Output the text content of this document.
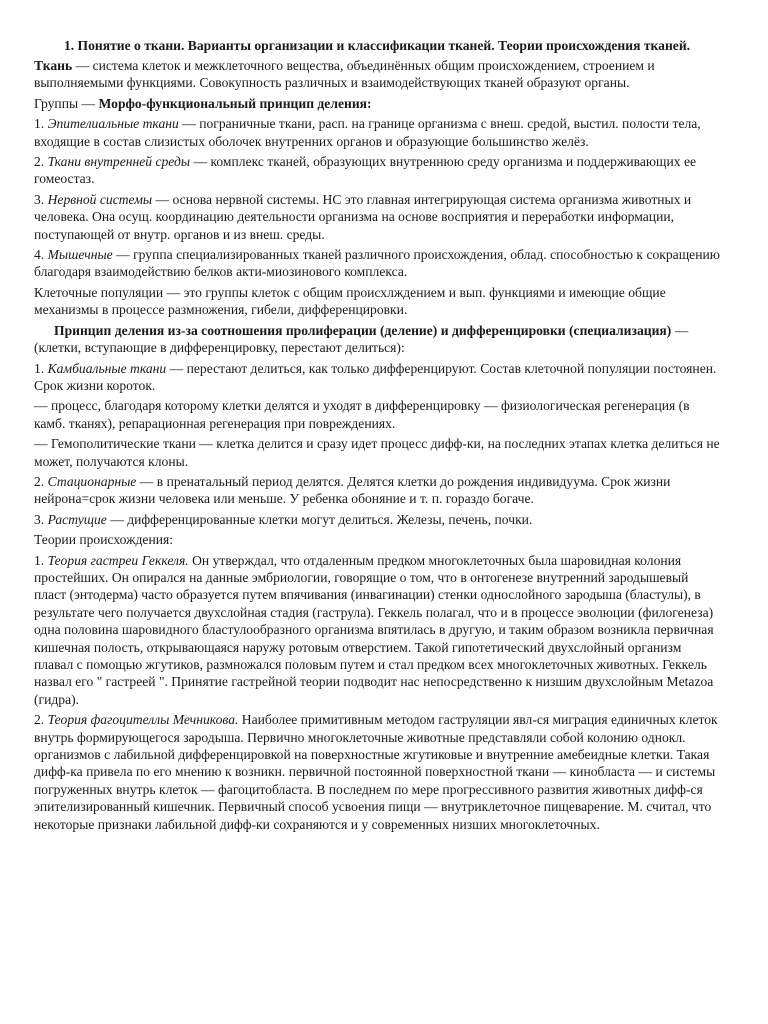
1. Понятие о ткани. Варианты организации и классификации тканей. Теории происхождения тканей.

Ткань — система клеток и межклеточного вещества, объединённых общим происхождением, строением и выполняемыми функциями. Совокупность различных и взаимодействующих тканей образуют органы.

Группы — Морфо-функциональный принцип деления:

1. Эпителиальные ткани — пограничные ткани, расп. на границе организма с внеш. средой, выстил. полости тела, входящие в состав слизистых оболочек внутренних органов и образующие большинство желёз.

2. Ткани внутренней среды — комплекс тканей, образующих внутреннюю среду организма и поддерживающих ее гомеостаз.

3. Нервной системы — основа нервной системы. НС это главная интегрирующая система организма животных и человека. Она осущ. координацию деятельности организма на основе восприятия и переработки информации, поступающей от внутр. органов и из внеш. среды.

4. Мышечные — группа специализированных тканей различного происхождения, облад. способностью к сокращению благодаря взаимодействию белков акти-миозинового комплекса.

Клеточные популяции — это группы клеток с общим происхлждением и вып. функциями и имеющие общие механизмы в процессе размножения, гибели, дифференцировки.

Принцип деления из-за соотношения пролиферации (деление) и дифференцировки (специализация) — (клетки, вступающие в дифференцировку, перестают делиться):

1. Камбиальные ткани — перестают делиться, как только дифференцируют. Состав клеточной популяции постоянен. Срок жизни короток.

— процесс, благодаря которому клетки делятся и уходят в дифференцировку — физиологическая регенерация (в камб. тканях), репарационная регенерация при повреждениях.

— Гемополитические ткани — клетка делится и сразу идет процесс дифф-ки, на последних этапах клетка делиться не может, получаются клоны.

2. Стационарные — в пренатальный период делятся. Делятся клетки до рождения индивидуума. Срок жизни нейрона=срок жизни человека или меньше. У ребенка обоняние и т. п. гораздо богаче.

3. Растущие — дифференцированные клетки могут делиться. Железы, печень, почки.

Теории происхождения:

1. Теория гастреи Геккеля. Он утверждал, что отдаленным предком многоклеточных была шаровидная колония простейших. Он опирался на данные эмбриологии, говорящие о том, что в онтогенезе внутренний зародышевый пласт (энтодерма) часто образуется путем впячивания (инвагинации) стенки однослойного зародыша (бластулы), в результате чего получается двухслойная стадия (гаструла). Геккель полагал, что и в процессе эволюции (филогенеза) одна половина шаровидного бластулообразного организма впятилась в другую, и таким образом возникла первичная кишечная полость, открывающаяся наружу ротовым отверстием. Такой гипотетический двухслойный организм плавал с помощью жгутиков, размножался половым путем и стал предком всех многоклеточных животных. Геккель назвал его " гастреей ". Принятие гастрейной теории подводит нас непосредственно к низшим двухслойным Metazoa (гидра).

2. Теория фагоцителлы Мечникова. Наиболее примитивным методом гаструляции явл-ся миграция единичных клеток внутрь формирующегося зародыша. Первично многоклеточные животные представляли собой колонию однокл. организмов с лабильной дифференцировкой на поверхностные жгутиковые и внутренние амебеидные клетки. Такая дифф-ка привела по его мнению к возникн. первичной постоянной поверхностной ткани — кинобласта — и системы погруженных внутрь клеток — фагоцитобласта. В последнем по мере прогрессивного развития животных дифф-ся эпителизированный кишечник. Первичный способ усвоения пищи — внутриклеточное пищеварение. М. считал, что некоторые признаки лабильной дифф-ки сохраняются и у современных низших многоклеточных.
